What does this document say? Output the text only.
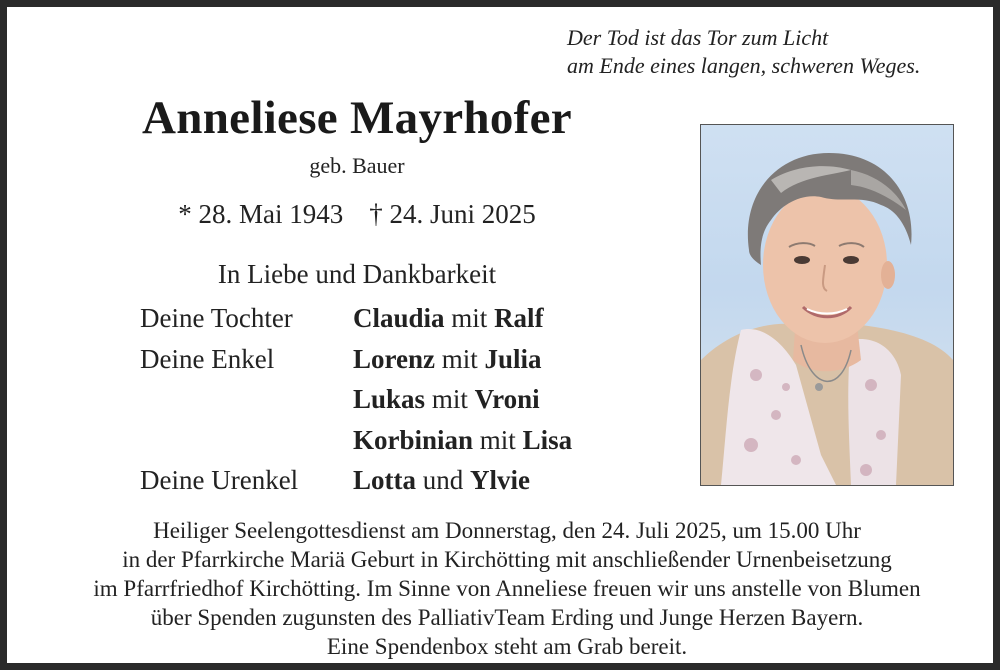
Der Tod ist das Tor zum Licht
am Ende eines langen, schweren Weges.
Anneliese Mayrhofer
geb. Bauer
* 28. Mai 1943 † 24. Juni 2025
In Liebe und Dankbarkeit
Deine Tochter Claudia mit Ralf
Deine Enkel	Lorenz mit Julia
Lukas mit Vroni
Korbinian mit Lisa
Deine Urenkel Lotta und Ylvie
Heiliger Seelengottesdienst am Donnerstag, den 24. Juli 2025, um 15.00 Uhr
in der Pfarrkirche Mariä Geburt in Kirchötting mit anschließender Urnenbeisetzung
im Pfarrfriedhof Kirchötting. Im Sinne von Anneliese freuen wir uns anstelle von Blumen
über Spenden zugunsten des PalliativTeam Erding und Junge Herzen Bayern.
Eine Spendenbox steht am Grab bereit.
